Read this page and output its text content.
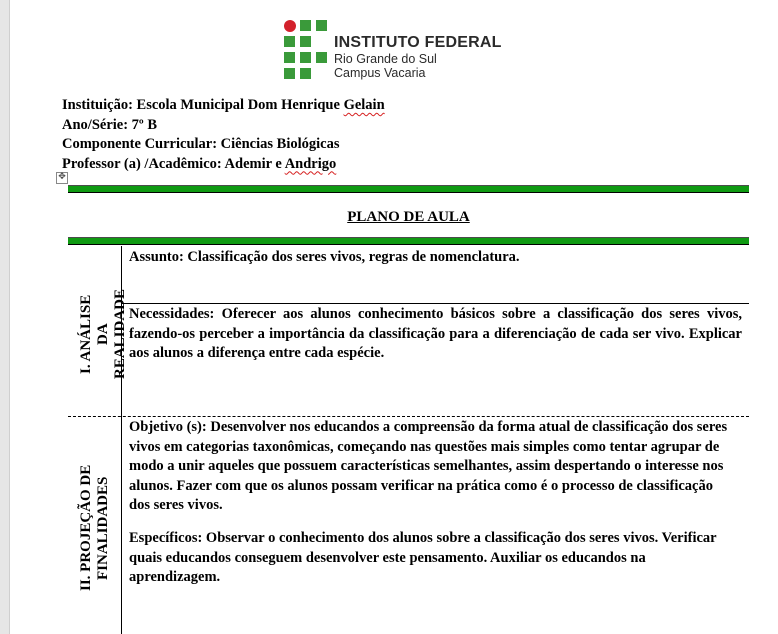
INSTITUTO FEDERAL
Rio Grande do Sul
Campus Vacaria
Instituição: Escola Municipal Dom Henrique Gelain
Ano/Série: 7º B
Componente Curricular: Ciências Biológicas
Professor (a) /Acadêmico: Ademir e Andrigo
✥
PLANO DE AULA
I. ANÁLISE DA REALIDADE
Assunto: Classificação dos seres vivos, regras de nomenclatura.
Necessidades: Oferecer aos alunos conhecimento básicos sobre a classificação dos seres vivos, fazendo-os perceber a importância da classificação para a diferenciação de cada ser vivo. Explicar aos alunos a diferença entre cada espécie.
II. PROJEÇÃO DE FINALIDADES
Objetivo (s): Desenvolver nos educandos a compreensão da forma atual de classificação dos seres vivos em categorias taxonômicas, começando nas questões mais simples como tentar agrupar de modo a unir aqueles que possuem características semelhantes, assim despertando o interesse nos alunos. Fazer com que os alunos possam verificar na prática como é o processo de classificação dos seres vivos.
Específicos: Observar o conhecimento dos alunos sobre a classificação dos seres vivos. Verificar quais educandos conseguem desenvolver este pensamento. Auxiliar os educandos na aprendizagem.
